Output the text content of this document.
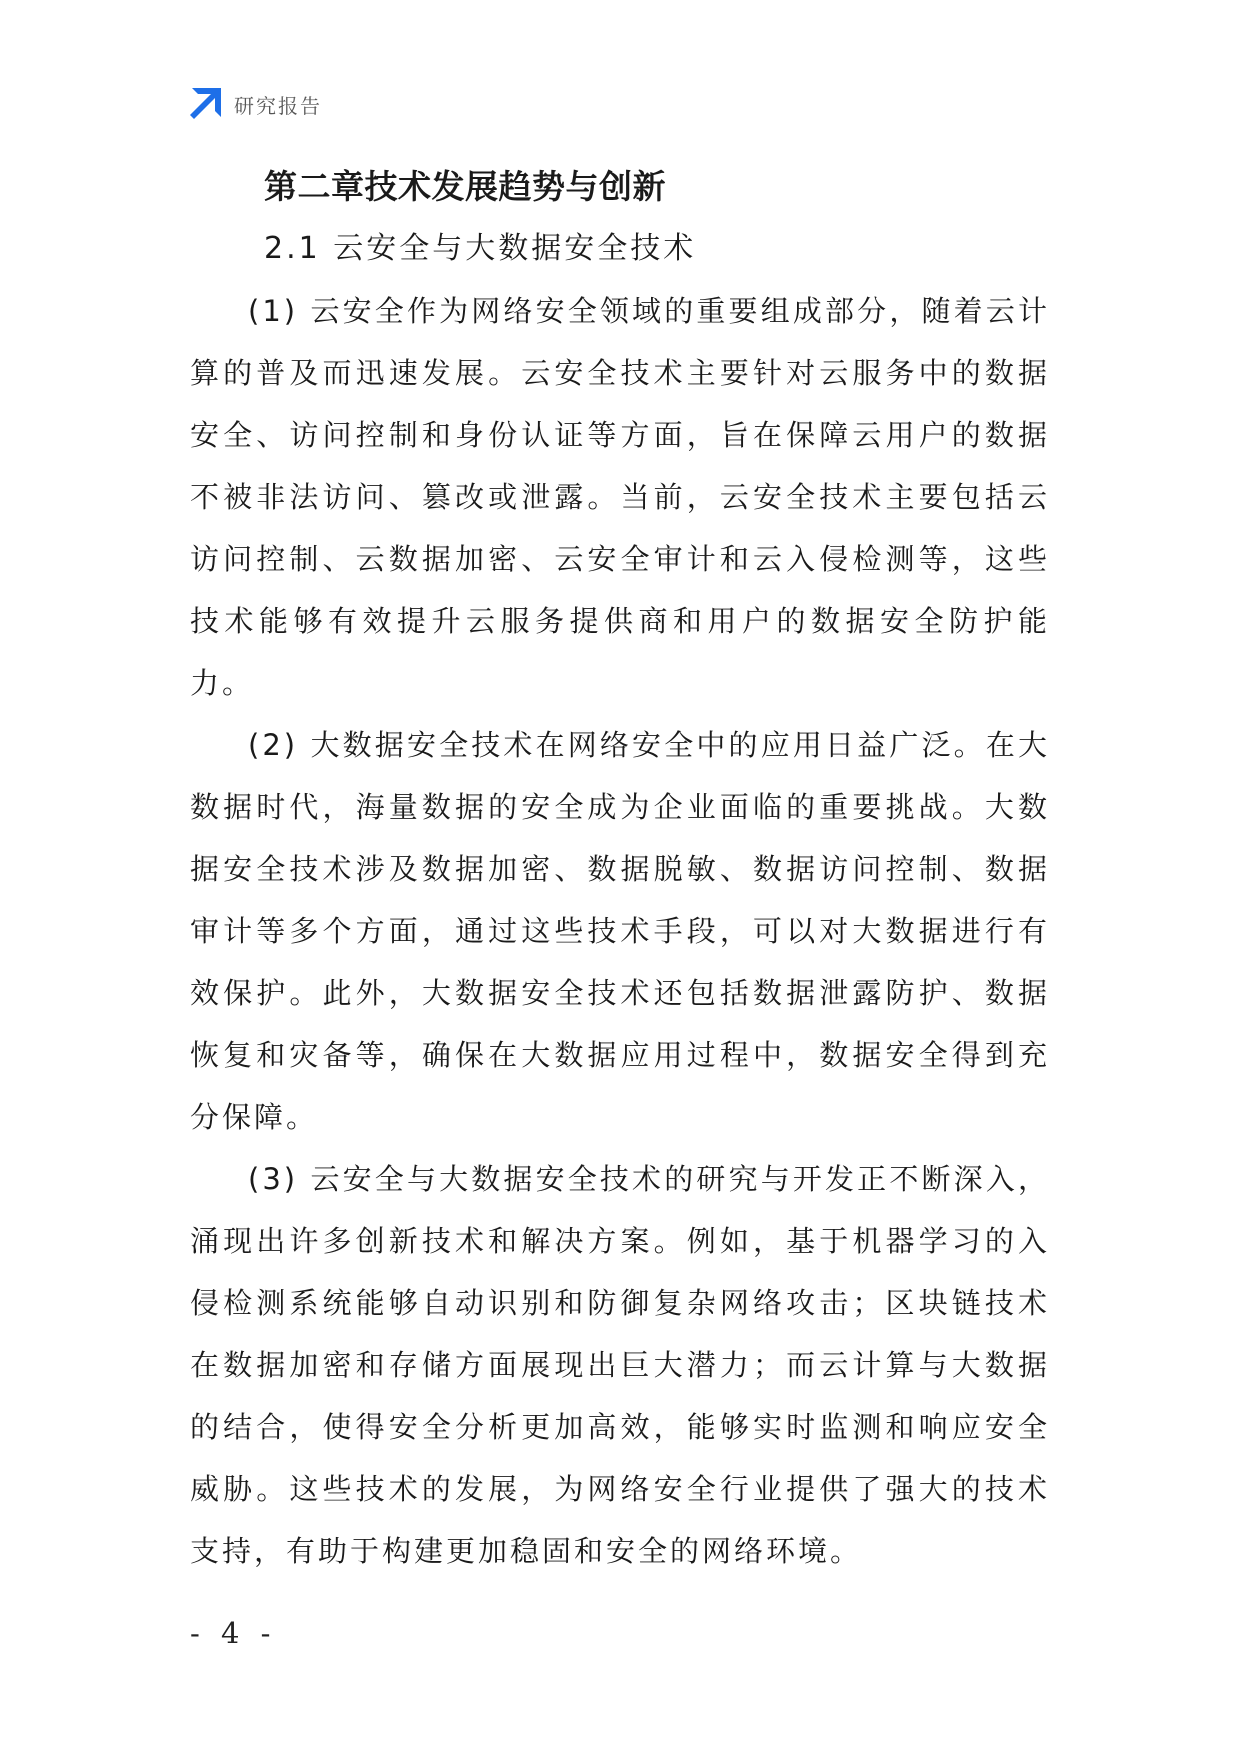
研究报告
第二章技术发展趋势与创新
2.1 云安全与大数据安全技术

(1) 云安全作为网络安全领域的重要组成部分，随着云计算的普及而迅速发展。云安全技术主要针对云服务中的数据安全、访问控制和身份认证等方面，旨在保障云用户的数据不被非法访问、篡改或泄露。当前，云安全技术主要包括云访问控制、云数据加密、云安全审计和云入侵检测等，这些技术能够有效提升云服务提供商和用户的数据安全防护能力。

(2) 大数据安全技术在网络安全中的应用日益广泛。在大数据时代，海量数据的安全成为企业面临的重要挑战。大数据安全技术涉及数据加密、数据脱敏、数据访问控制、数据审计等多个方面，通过这些技术手段，可以对大数据进行有效保护。此外，大数据安全技术还包括数据泄露防护、数据恢复和灾备等，确保在大数据应用过程中，数据安全得到充分保障。

(3) 云安全与大数据安全技术的研究与开发正不断深入，涌现出许多创新技术和解决方案。例如，基于机器学习的入侵检测系统能够自动识别和防御复杂网络攻击；区块链技术在数据加密和存储方面展现出巨大潜力；而云计算与大数据的结合，使得安全分析更加高效，能够实时监测和响应安全威胁。这些技术的发展，为网络安全行业提供了强大的技术支持，有助于构建更加稳固和安全的网络环境。

- 4 -
